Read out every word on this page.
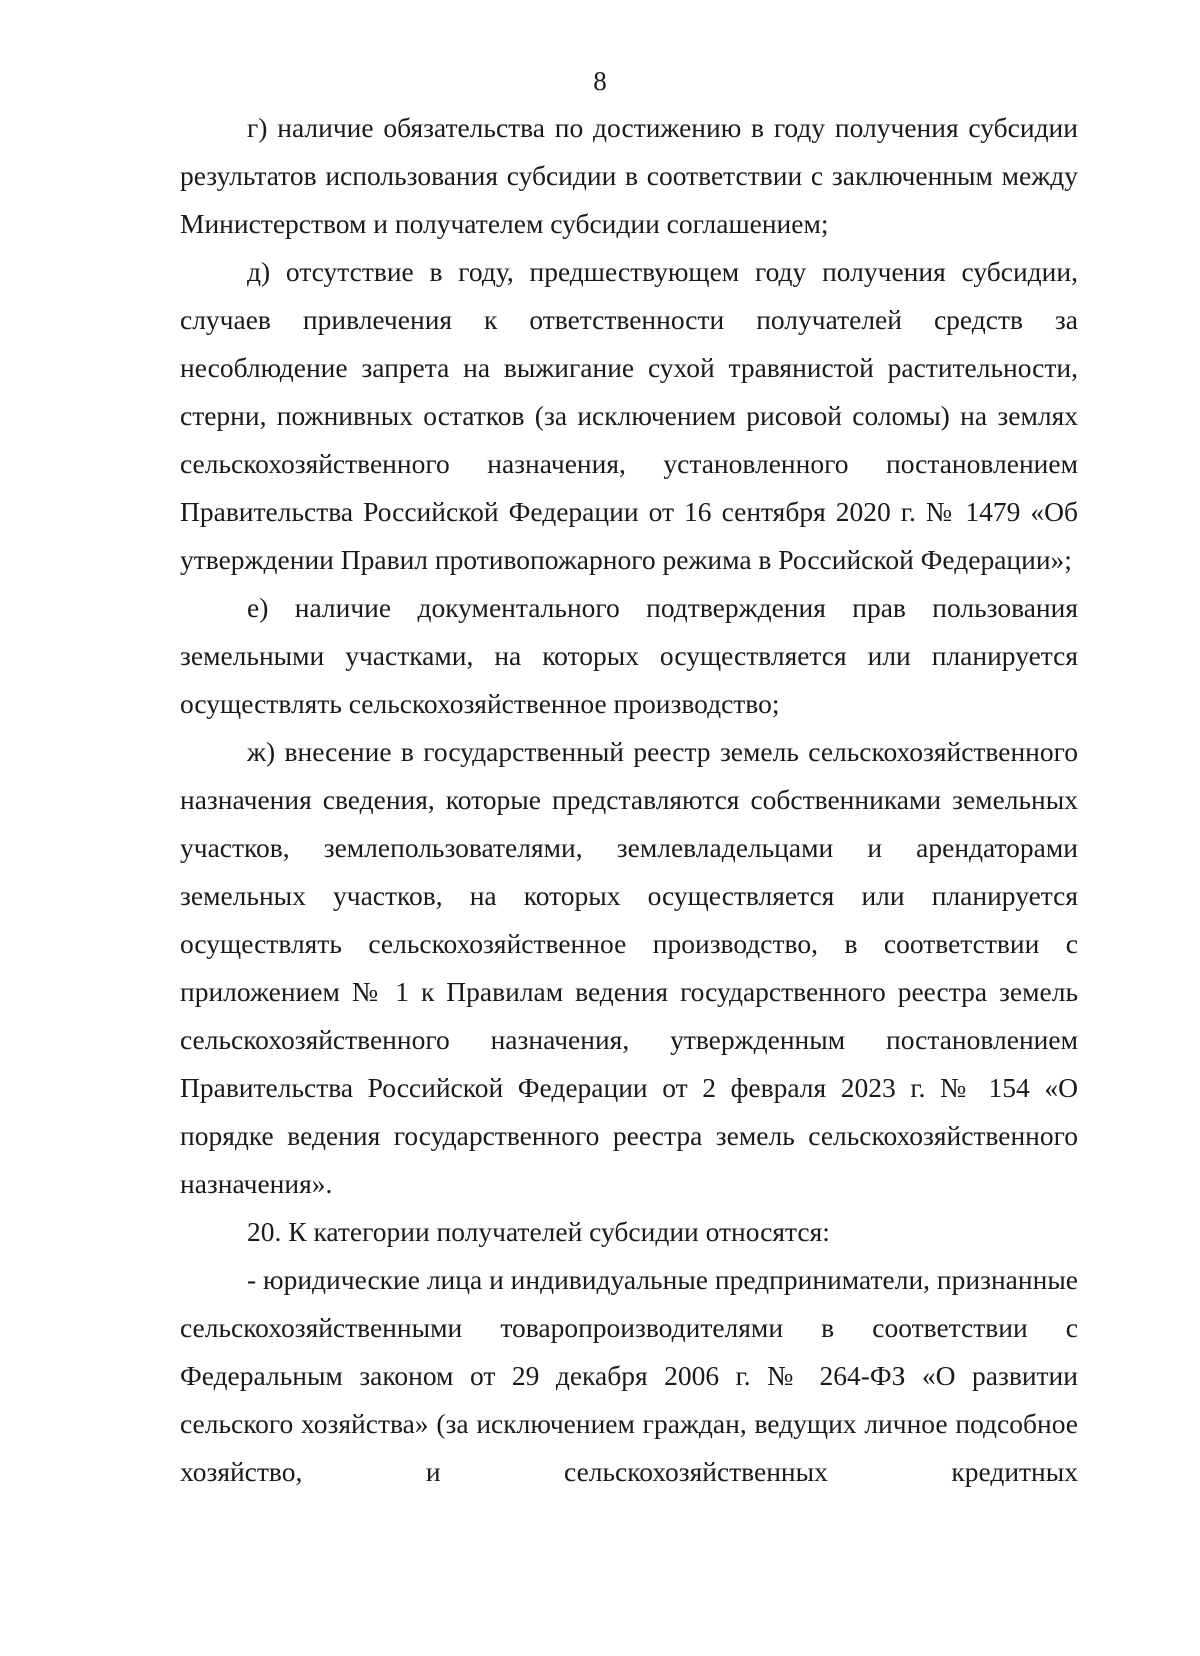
8

г) наличие обязательства по достижению в году получения субсидии результатов использования субсидии в соответствии с заключенным между Министерством и получателем субсидии соглашением;

д) отсутствие в году, предшествующем году получения субсидии, случаев привлечения к ответственности получателей средств за несоблюдение запрета на выжигание сухой травянистой растительности, стерни, пожнивных остатков (за исключением рисовой соломы) на землях сельскохозяйственного назначения, установленного постановлением Правительства Российской Федерации от 16 сентября 2020 г. № 1479 «Об утверждении Правил противопожарного режима в Российской Федерации»;

е) наличие документального подтверждения прав пользования земельными участками, на которых осуществляется или планируется осуществлять сельскохозяйственное производство;

ж) внесение в государственный реестр земель сельскохозяйственного назначения сведения, которые представляются собственниками земельных участков, землепользователями, землевладельцами и арендаторами земельных участков, на которых осуществляется или планируется осуществлять сельскохозяйственное производство, в соответствии с приложением № 1 к Правилам ведения государственного реестра земель сельскохозяйственного назначения, утвержденным постановлением Правительства Российской Федерации от 2 февраля 2023 г. № 154 «О порядке ведения государственного реестра земель сельскохозяйственного назначения».

20. К категории получателей субсидии относятся:

- юридические лица и индивидуальные предприниматели, признанные сельскохозяйственными товаропроизводителями в соответствии с Федеральным законом от 29 декабря 2006 г. № 264-ФЗ «О развитии сельского хозяйства» (за исключением граждан, ведущих личное подсобное хозяйство, и сельскохозяйственных кредитных
